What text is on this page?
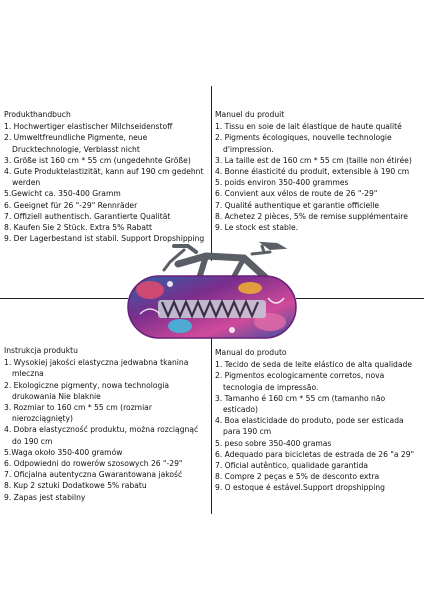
Produkthandbuch
1. Hochwertiger elastischer Milchseidenstoff
2. Umweltfreundliche Pigmente, neue Drucktechnologie, Verblasst nicht
3. Größe ist 160 cm * 55 cm (ungedehnte Größe)
4. Gute Produktelastizität, kann auf 190 cm gedehnt werden
5.Gewicht ca. 350-400 Gramm
6. Geeignet für 26 "-29" Rennräder
7. Offiziell authentisch. Garantierte Qualität
8. Kaufen Sie 2 Stück. Extra 5% Rabatt
9. Der Lagerbestand ist stabil. Support Dropshipping
Manuel du produit
1. Tissu en soie de lait élastique de haute qualité
2. Pigments écologiques, nouvelle technologie d'impression.
3. La taille est de 160 cm * 55 cm (taille non étirée)
4. Bonne élasticité du produit, extensible à 190 cm
5. poids environ 350-400 grammes
6. Convient aux vélos de route de 26 "-29"
7. Qualité authentique et garantie officielle
8. Achetez 2 pièces, 5% de remise supplémentaire
9. Le stock est stable.
Instrukcja produktu
1. Wysokiej jakości elastyczna jedwabna tkanina mleczna
2. Ekologiczne pigmenty, nowa technologia drukowania Nie blaknie
3. Rozmiar to 160 cm * 55 cm (rozmiar nierozciągnięty)
4. Dobra elastyczność produktu, można rozciągnąć do 190 cm
5.Waga około 350-400 gramów
6. Odpowiedni do rowerów szosowych 26 "-29"
7. Oficjalna autentyczna Gwarantowana jakość
8. Kup 2 sztuki Dodatkowe 5% rabatu
9. Zapas jest stabilny
Manual do produto
1. Tecido de seda de leite elástico de alta qualidade
2. Pigmentos ecologicamente corretos, nova tecnologia de impressão.
3. Tamanho é 160 cm * 55 cm (tamanho não esticado)
4. Boa elasticidade do produto, pode ser esticada para 190 cm
5. peso sobre 350-400 gramas
6. Adequado para bicicletas de estrada de 26 "a 29"
7. Oficial autêntico, qualidade garantida
8. Compre 2 peças e 5% de desconto extra
9. O estoque é estável.Support dropshipping
